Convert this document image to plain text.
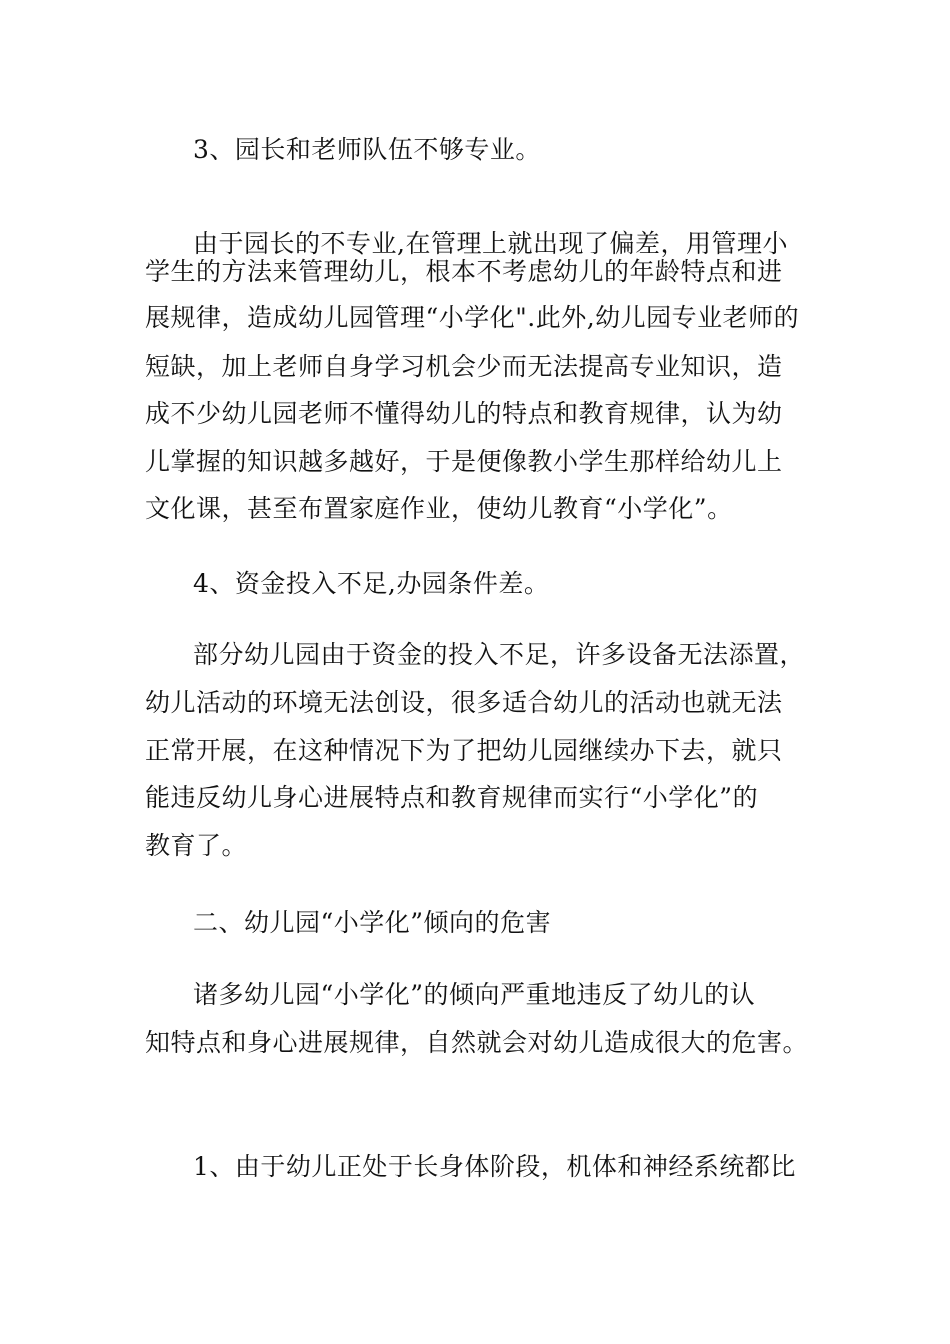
3、园长和老师队伍不够专业。
由于园长的不专业,在管理上就出现了偏差，用管理小
学生的方法来管理幼儿，根本不考虑幼儿的年龄特点和进
展规律，造成幼儿园管理“小学化".此外,幼儿园专业老师的
短缺，加上老师自身学习机会少而无法提高专业知识，造
成不少幼儿园老师不懂得幼儿的特点和教育规律，认为幼
儿掌握的知识越多越好，于是便像教小学生那样给幼儿上
文化课，甚至布置家庭作业，使幼儿教育“小学化”。
4、资金投入不足,办园条件差。
部分幼儿园由于资金的投入不足，许多设备无法添置，
幼儿活动的环境无法创设，很多适合幼儿的活动也就无法
正常开展，在这种情况下为了把幼儿园继续办下去，就只
能违反幼儿身心进展特点和教育规律而实行“小学化”的
教育了。
二、幼儿园“小学化”倾向的危害
诸多幼儿园“小学化”的倾向严重地违反了幼儿的认
知特点和身心进展规律，自然就会对幼儿造成很大的危害。
1、由于幼儿正处于长身体阶段，机体和神经系统都比
